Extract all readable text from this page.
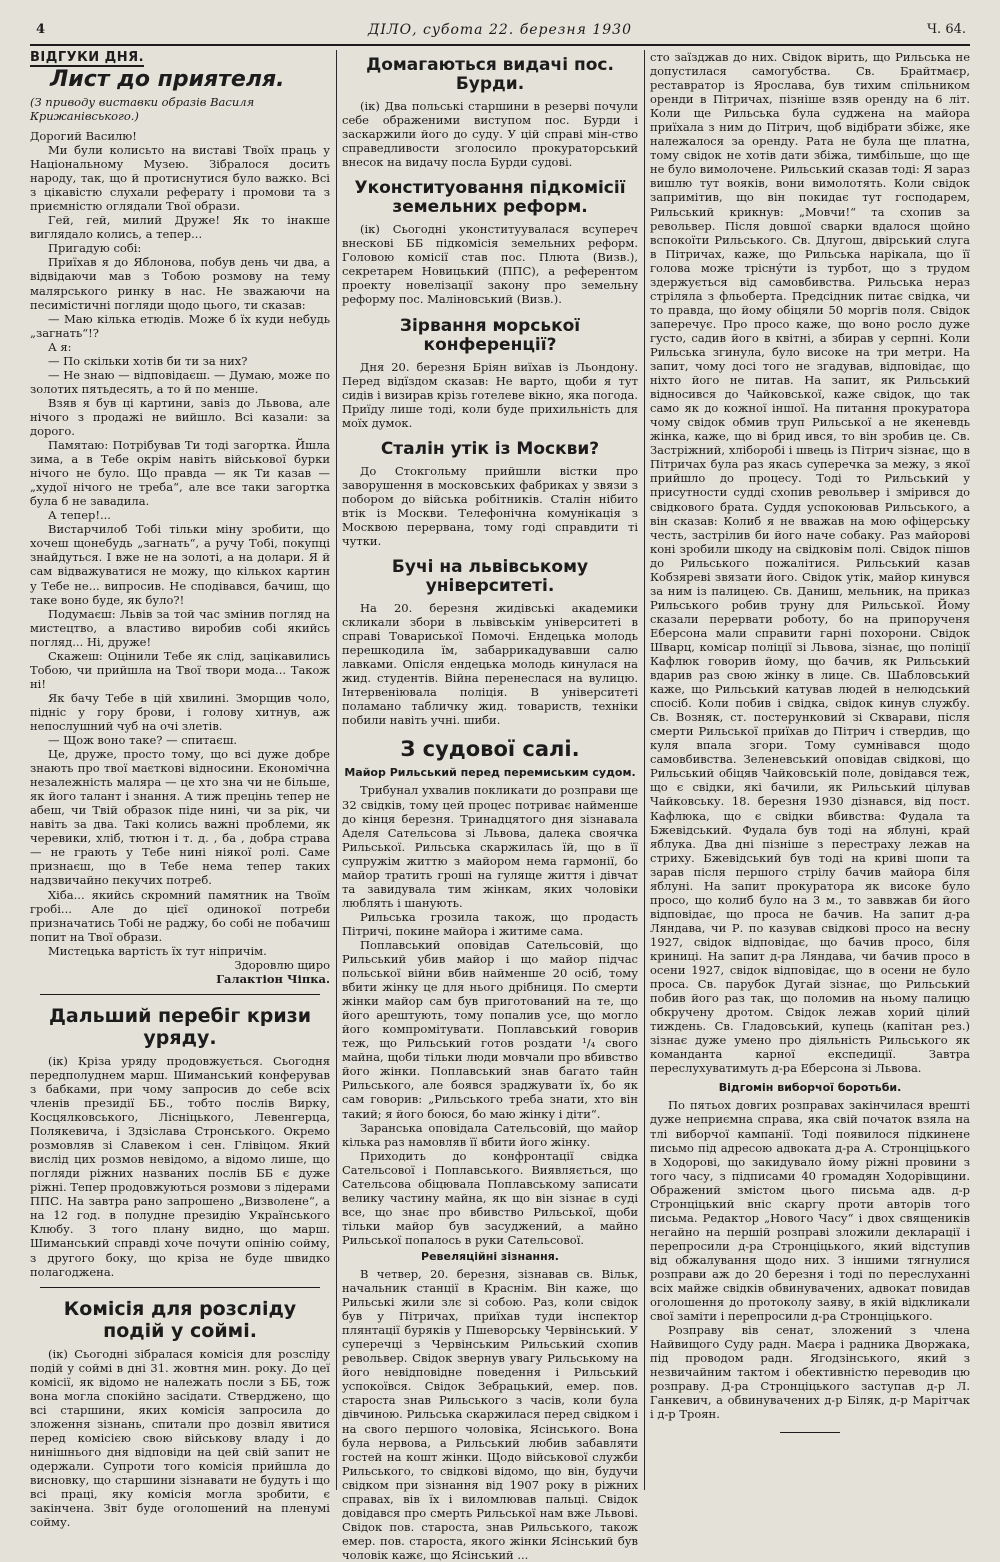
4	ДІЛО, субота 22. березня 1930	Ч. 64.
ВІДГУКИ ДНЯ.
Лист до приятеля.
(З приводу виставки образів Василя Крижанівського.)

Дорогий Василю!

Ми були колисьто на виставі Твоїх праць у Національному Музею. Зібралося досить народу, так, що й протиснутися було важко. Всі з цікавістю слухали реферату і промови та з приємністю оглядали Твої образи.

Гей, гей, милий Друже! Як то інакше виглядало колись, а тепер...

Пригадую собі:

Приїхав я до Яблонова, побув день чи два, а відвідаючи мав з Тобою розмову на тему малярського ринку в нас. Не зважаючи на песимістичні погляди щодо цього, ти сказав:

— Маю кілька етюдів. Може б їх куди небудь „загнать“!?

А я:

— По скільки хотів би ти за них?

— Не знаю — відповідаєш. — Думаю, може по золотих пятьдесять, а то й по менше.

Взяв я був ці картини, завіз до Львова, але нічого з продажі не вийшло. Всі казали: за дорого.

Памятаю: Потрібував Ти тоді загортка. Йшла зима, а в Тебе окрім навіть військової бурки нічого не було. Що правда — як Ти казав — „худої нічого не треба“, але все таки загортка була б не завадила.

А тепер!...

Вистарчилоб Тобі тільки міну зробити, що хочеш щонебудь „загнать“, а ручу Тобі, покупці знайдуться. І вже не на золоті, а на долари. Я й сам відважуватися не можу, що кількох картин у Тебе не... випросив. Не сподівався, бачиш, що таке воно буде, як було?!

Подумаєш: Львів за той час змінив погляд на мистецтво, а властиво виробив собі якийсь погляд... Ні, друже!

Скажеш: Оцінили Тебе як слід, зацікавились Тобою, чи прийшла на Твої твори мода... Також ні!

Як бачу Тебе в цій хвилині. Зморщив чоло, підніс у гору брови, і голову хитнув, аж непослушний чуб на очі злетів.

— Щож воно таке? — спитаєш.

Це, друже, просто тому, що всі дуже добре знають про твої маєткові відносини. Економічна незалежність маляра — це хто зна чи не більше, як його талант і знання. А тиж прецінь тепер не абеш, чи Твій образок піде нині, чи за рік, чи навіть за два. Такі колись важні проблеми, як черевики, хліб, тютюн і т. д. , ба , добра страва — не грають у Тебе нині ніякої ролі. Саме признаєш, що в Тебе нема тепер таких надзвичайно пекучих потреб.

Хіба... якийсь скромний памятник на Твоїм гробі... Але до цієї одинокої потреби призначатись Тобі не раджу, бо собі не побачиш попит на Твої образи.

Мистецька вартість їх тут ніпричім.

Здоровлю щиро

Галактіон Чіпка.

Дальший перебіг кризи уряду.

(ік) Кріза уряду продовжується. Сьогодня передполуднем марш. Шиманський конферував з бабками, при чому запросив до себе всіх членів президії ББ., тобто послів Вирку, Косцялковського, Лісніцького, Левенгерца, Полякевича, і Здзіслава Стронського. Окремо розмовляв зі Славеком і сен. Глівіцом. Який вислід цих розмов невідомо, а відомо лише, що погляди ріжних названих послів ББ є дуже ріжні. Тепер продовжуються розмови з лідерами ППС. На завтра рано запрошено „Визволене“, а на 12 год. в полудне президію Українського Клюбу. З того плану видно, що марш. Шиманський справді хоче почути опінію сойму, з другого боку, що кріза не буде швидко полагоджена.

Комісія для розсліду подій у соймі.

(ік) Сьогодні зібралася комісія для розсліду подій у соймі в дні 31. жовтня мин. року. До цеї комісії, як відомо не належать посли з ББ, тож вона могла спокійно засідати. Стверджено, що всі старшини, яких комісія запросила до зложення зізнань, спитали про дозвіл явитися перед комісією свою військову владу і до нинішнього дня відповіди на цей свій запит не одержали. Супроти того комісія прийшла до висновку, що старшини зізнавати не будуть і що всі праці, яку комісія могла зробити, є закінчена. Звіт буде оголошений на пленумі сойму.

Домагаються видачі пос. Бурди.

(ік) Два польські старшини в резерві почули себе ображеними виступом пос. Бурди і заскаржили його до суду. У цій справі мін-ство справедливости зголосило прокураторський внесок на видачу посла Бурди судові.

Уконституовання підкомісії земельних реформ.

(ік) Сьогодні уконституувалася всупереч внескові ББ підкомісія земельних реформ. Головою комісії став пос. Плюта (Визв.), секретарем Новицький (ППС), а референтом проекту новелізації закону про земельну реформу пос. Маліновський (Визв.).

Зірвання морської конференції?

Дня 20. березня Бріян виїхав із Льондону. Перед відїздом сказав: Не варто, щоби я тут сидів і визирав крізь готелеве вікно, яка погода. Приїду лише тоді, коли буде прихильність для моїх думок.

Сталін утік із Москви?

До Стокгольму прийшли вістки про заворушення в московських фабриках у звязи з побором до війська робітників. Сталін нібито втік із Москви. Телефонічна комунікація з Москвою перервана, тому годі справдити ті чутки.

Бучі на львівському університеті.

На 20. березня жидівські академики скликали збори в львівськім університеті в справі Товариської Помочі. Ендецька молодь перешкодила їм, забаррикадувавши салю лавками. Опісля ендецька молодь кинулася на жид. студентів. Війна перенеслася на вулицю. Інтервеніювала поліція. В університеті поламано табличку жид. товариств, техніки побили навіть учні. шиби.

З судової салі.
Майор Рильський перед перемиським судом.

Трибунал ухвалив покликати до розправи ще 32 свідків, тому цей процес потриває найменше до кінця березня. Тринадцятого дня зізнавала Аделя Сательсова зі Львова, далека своячка Рильської. Рильська скаржилась їй, що в її супружім життю з майором нема гармонії, бо майор тратить гроші на гуляще життя і дівчат та завидувала тим жінкам, яких чоловіки люблять і шанують.

Рильська грозила також, що продасть Пітричі, покине майора і житиме сама.

Поплавський оповідав Сательсовій, що Рильський убив майор і що майор підчас польської війни вбив найменше 20 осіб, тому вбити жінку це для нього дрібниця. По смерти жінки майор сам був приготований на те, що його арештують, тому попалив усе, що могло його компромітувати. Поплавський говорив теж, що Рильський готов роздати ¹/₄ свого майна, щоби тільки люди мовчали про вбивство його жінки. Поплавський знав багато тайн Рильського, але боявся зраджувати їх, бо як сам говорив: „Рильського треба знати, хто він такий; я його боюся, бо маю жінку і діти“.

Заранська оповідала Сательсовій, що майор кілька раз намовляв її вбити його жінку.

Приходить до конфронтації свідка Сательсової і Поплавського. Виявляється, що Сательсова обіцювала Поплавському записати велику частину майна, як що він зізнає в суді все, що знає про вбивство Рильської, щоби тільки майор був засуджений, а майно Рильської попалось в руки Сательсової.

Ревеляційні зізнання.

В четвер, 20. березня, зізнавав св. Вільк, начальник станції в Краснім. Він каже, що Рильські жили злє зі собою. Раз, коли свідок був у Пітричах, приїхав туди інспектор плянтації буряків у Пшеворську Червінський. У суперечці з Червінським Рильський схопив револьвер. Свідок звернув увагу Рильському на його невідповідне поведення і Рильський успокоївся. Свідок Зебрацький, емер. пов. староста знав Рильського з часів, коли була дівчиною. Рильська скаржилася перед свідком і на свого першого чоловіка, Ясінського. Вона була нервова, а Рильський любив забавляти гостей на кошт жінки. Щодо військової служби Рильського, то свідкові відомо, що він, будучи свідком при зізнання від 1907 року в ріжних справах, вів їх і виломлював пальці. Свідок довідався про смерть Рильської нам вже Львові. Свідок пов. староста, знав Рильського, також емер. пов. староста, якого жінки Ясінський був чоловік кажє, що Ясінський ...

сто заїзджав до них. Свідок вірить, що Рильська не допустилася самогубства. Св. Брайтмаєр, реставратор із Ярослава, був тихим спільником оренди в Пітричах, пізніше взяв оренду на 6 літ. Коли ще Рильська була суджена на майора приїхала з ним до Пітрич, щоб відібрати збіжє, яке належалося за оренду. Рата не була ще платна, тому свідок не хотів дати збіжа, тимбільше, що ще не було вимолочене. Рильський сказав тоді: Я зараз вишлю тут вояків, вони вимолотять. Коли свідок запримітив, що він покидає тут господарем, Рильський крикнув: „Мовчи!“ та схопив за револьвер. Після довшої сварки вдалося щойно вспокоїти Рильського. Св. Длугош, двірський слуга в Пітричах, каже, що Рильська нарікала, що її голова може трісну́ти із турбот, що з трудом здержується від самовбивства. Рильська нераз стріляла з фльоберта. Предсідник питає свідка, чи то правда, що йому обіцяли 50 моргів поля. Свідок заперечує. Про просо каже, що воно росло дуже густо, садив його в квітні, а збирав у серпні. Коли Рильська згинула, було високе на три метри. На запит, чому досі того не згадував, відповідає, що ніхто його не питав. На запит, як Рильський відносився до Чайковської, каже свідок, що так само як до кожної іншої. На питання прокуратора чому свідок обмив труп Рильської а не якеневдь жінка, каже, що ві брид ився, то він зробив це. Св. Застріжний, хліборобі і швець із Пітрич зізнає, що в Пітричах була раз якась суперечка за межу, з якої прийшло до процесу. Тоді то Рильський у присутности судді схопив револьвер і змірився до свідкового брата. Суддя успокоював Рильського, а він сказав: Колиб я не вважав на мою офіцерську честь, застрілив би його наче собаку. Раз майорові коні зробили шкоду на свідковім полі. Свідок пішов до Рильського пожалітися. Рильський казав Кобзяреві звязати його. Свідок утік, майор кинувся за ним із палицею. Св. Даниш, мельник, на приказ Рильського робив труну для Рильської. Йому сказали перервати роботу, бо на припорученя Еберсона мали справити гарні похорони. Свідок Шварц, комісар поліції зі Львова, зізнає, що поліції Кафлюк говорив йому, що бачив, як Рильський вдарив раз свою жінку в лице. Св. Шабловський каже, що Рильський катував людей в нелюдський спосіб. Коли побив і свідка, свідок кинув службу. Св. Возняк, ст. постерунковий зі Скварави, після смерти Рильської приїхав до Пітрич і ствердив, що куля впала згори. Тому сумнівався щодо самовбивства. Зеленевський оповідав свідкові, що Рильський обіцяв Чайковській поле, довідався теж, що є свідки, які бачили, як Рильський цілував Чайковську. 18. березня 1930 дізнався, від пост. Кафлюка, що є свідки вбивства: Фудала та Бжевідський. Фудала був тоді на яблуні, край яблука. Два дні пізніше з перестраху лежав на стриху. Бжевідський був тоді на криві шопи та зарав після першого стрілу бачив майора біля яблуні. На запит прокуратора як високе було просо, що колиб було на 3 м., то заввжав би його відповідає, що проса не бачив. На запит д-ра Ляндава, чи Р. по казував свідкові просо на весну 1927, свідок відповідає, що бачив просо, біля криниці. На запит д-ра Ляндава, чи бачив просо в осени 1927, свідок відповідає, що в осени не було проса. Св. парубок Дугай зізнає, що Рильський побив його раз так, що поломив на ньому палицю обкручену дротом. Свідок лежав хорий цілий тиждень. Св. Гладовський, купець (капітан рез.) зізнає дуже умено про діяльність Рильського як команданта карної експедиції. Завтра переслухуватимуть д-ра Еберсона зі Львова.

Відгомін виборчої боротьби.

По пятьох довгих розправах закінчилася врешті дуже неприємна справа, яка свій початок взяла на тлі виборчої кампанії. Тоді появилося підкинене письмо під адресою адвоката д-ра А. Стронціцького в Ходорові, що закидувало йому ріжні провини з того часу, з підписами 40 громадян Ходорівщини. Ображений змістом цього письма адв. д-р Стронціцький вніс скаргу проти авторів того письма. Редактор „Нового Часу“ і двох священиків негайно на першій розправі зложили декларації і перепросили д-ра Стронціцького, який відступив від обжалування щодо них. З іншими тягнулися розправи аж до 20 березня і тоді по переслуханні всіх майже свідків обвинувачених, адвокат повидав оголошення до протоколу заяву, в якій відкликали свої заміти і перепросили д-ра Стронціцького.

Розправу вів сенат, зложений з члена Найвищого Суду радн. Маєра і радника Дворжака, під проводом радн. Ягодзінського, який з незвичайним тактом і обективністю переводив цю розправу. Д-ра Стронціцького заступав д-р Л. Ганкевич, а обвинувачених д-р Біляк, д-р Марітчак і д-р Троян.
